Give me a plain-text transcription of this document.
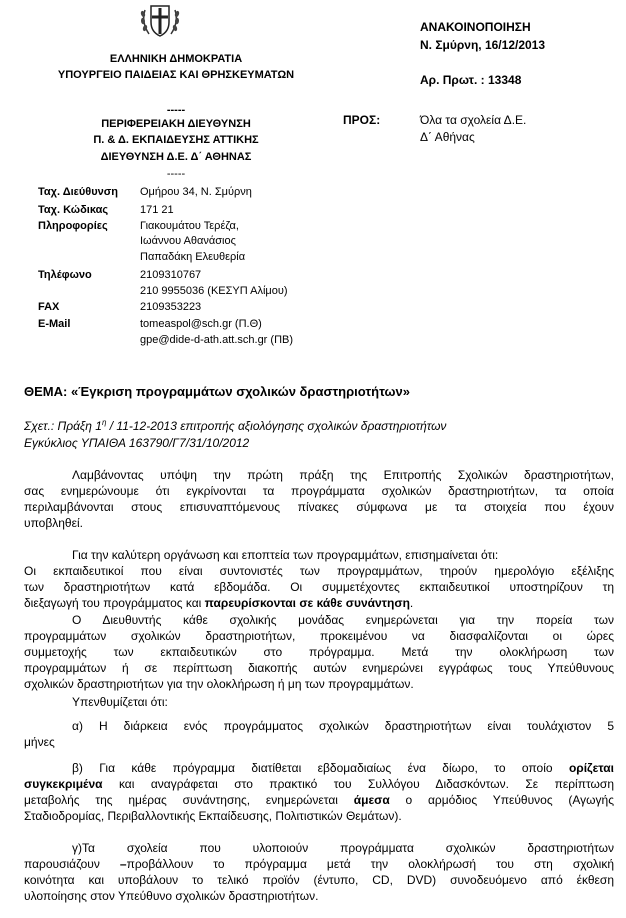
ΕΛΛΗΝΙΚΗ ΔΗΜΟΚΡΑΤΙΑ
ΥΠΟΥΡΓΕΙΟ ΠΑΙΔΕΙΑΣ ΚΑΙ ΘΡΗΣΚΕΥΜΑΤΩΝ
-----
ΠΕΡΙΦΕΡΕΙΑΚΗ ΔΙΕΥΘΥΝΣΗ
Π. & Δ. ΕΚΠΑΙΔΕΥΣΗΣ ΑΤΤΙΚΗΣ
ΔΙΕΥΘΥΝΣΗ Δ.Ε. Δ΄ ΑΘΗΝΑΣ
-----
ΑΝΑΚΟΙΝΟΠΟΙΗΣΗ
Ν. Σμύρνη, 16/12/2013
Αρ. Πρωτ. : 13348
ΠΡΟΣ:	Όλα τα σχολεία Δ.Ε.
Δ΄ Αθήνας
Ταχ. Διεύθυνση Ομήρου 34, Ν. Σμύρνη
Ταχ. Κώδικας	171 21
Πληροφορίες	Γιακουμάτου Τερέζα,
Ιωάννου Αθανάσιος
Παπαδάκη Ελευθερία
Τηλέφωνο	2109310767
210 9955036 (ΚΕΣΥΠ Αλίμου)
FAX	2109353223
E-Mail	tomeaspol@sch.gr (Π.Θ)
gpe@dide-d-ath.att.sch.gr (ΠΒ)
ΘΕΜΑ: «Έγκριση προγραμμάτων σχολικών δραστηριοτήτων»
Σχετ.: Πράξη $1^\eta / 11-12-2013$ επιτροπής αξιολόγησης σχολικών δραστηριοτήτων
Εγκύκλιος ΥΠΑΙΘΑ 163790/Γ7/31/10/2012
Λαμβάνοντας υπόψη την πρώτη πράξη της Επιτροπής Σχολικών δραστηριοτήτων,
σας ενημερώνουμε ότι εγκρίνονται τα προγράμματα σχολικών δραστηριοτήτων, τα οποία
περιλαμβάνονται στους επισυναπτόμενους πίνακες σύμφωνα με τα στοιχεία που έχουν
υποβληθεί.
Για την καλύτερη οργάνωση και εποπτεία των προγραμμάτων, επισημαίνεται ότι:
Οι εκπαιδευτικοί που είναι συντονιστές των προγραμμάτων, τηρούν ημερολόγιο εξέλιξης
των δραστηριοτήτων κατά εβδομάδα. Οι συμμετέχοντες εκπαιδευτικοί υποστηρίζουν τη
διεξαγωγή του προγράμματος και παρευρίσκονται σε κάθε συνάντηση.
Ο Διευθυντής κάθε σχολικής μονάδας ενημερώνεται για την πορεία των
προγραμμάτων σχολικών δραστηριοτήτων, προκειμένου να διασφαλίζονται οι ώρες
συμμετοχής των εκπαιδευτικών στο πρόγραμμα. Μετά την ολοκλήρωση των
προγραμμάτων ή σε περίπτωση διακοπής αυτών ενημερώνει εγγράφως τους Υπεύθυνους
σχολικών δραστηριοτήτων για την ολοκλήρωση ή μη των προγραμμάτων.
Υπενθυμίζεται ότι:
α) Η διάρκεια ενός προγράμματος σχολικών δραστηριοτήτων είναι τουλάχιστον 5
μήνες
β) Για κάθε πρόγραμμα διατίθεται εβδομαδιαίως ένα δίωρο, το οποίο ορίζεται
συγκεκριμένα και αναγράφεται στο πρακτικό του Συλλόγου Διδασκόντων. Σε περίπτωση
μεταβολής της ημέρας συνάντησης, ενημερώνεται άμεσα ο αρμόδιος Υπεύθυνος (Αγωγής
Σταδιοδρομίας, Περιβαλλοντικής Εκπαίδευσης, Πολιτιστικών Θεμάτων).
γ)Τα σχολεία που υλοποιούν προγράμματα σχολικών δραστηριοτήτων
παρουσιάζουν –προβάλλουν το πρόγραμμα μετά την ολοκλήρωσή του στη σχολική
κοινότητα και υποβάλουν το τελικό προϊόν (έντυπο, CD, DVD) συνοδευόμενο από έκθεση
υλοποίησης στον Υπεύθυνο σχολικών δραστηριοτήτων.
